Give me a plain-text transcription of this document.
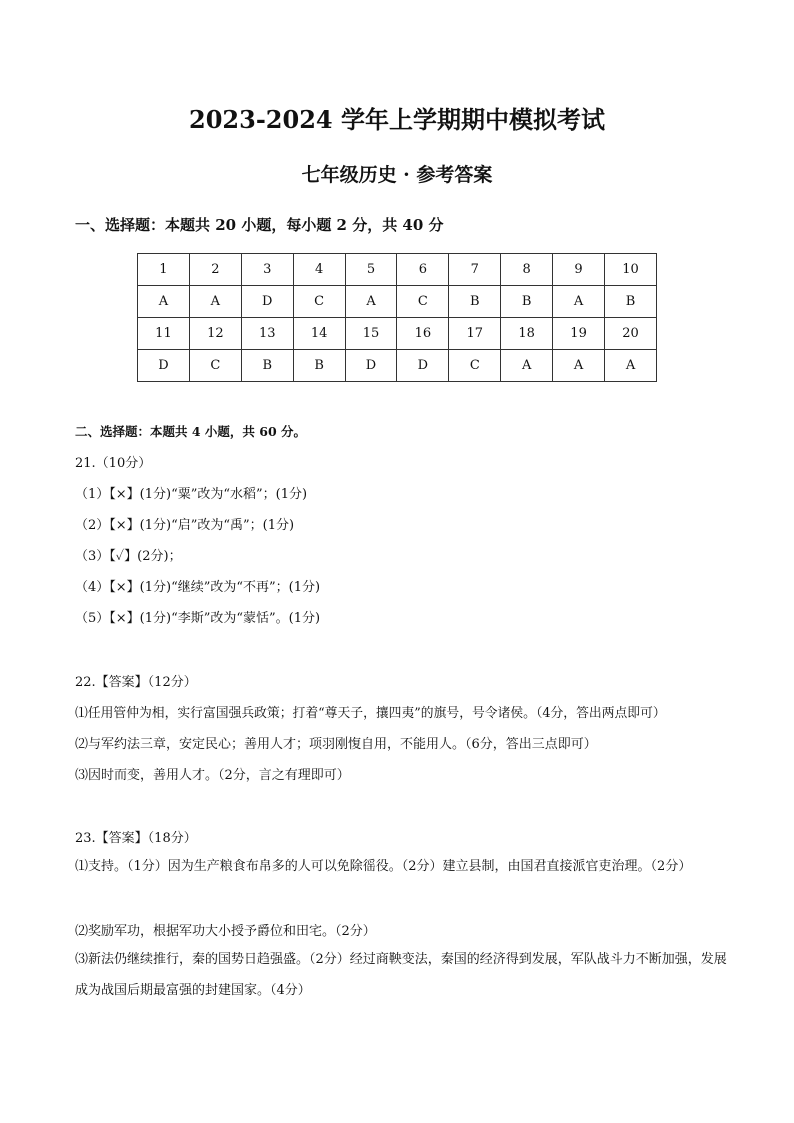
2023-2024 学年上学期期中模拟考试
七年级历史 · 参考答案
一、选择题：本题共 20 小题，每小题 2 分，共 40 分
1	2	3	4	5	6	7	8	9	10
A	A	D	C	A	C	B	B	A	B
11	12	13	14	15	16	17	18	19	20
D	C	B	B	D	D	C	A	A	A
二、选择题：本题共 4 小题，共 60 分。
21.（10分）
（1）【×】(1分)“粟”改为“水稻”；(1分)
（2）【×】(1分)“启”改为“禹”；(1分)
（3）【✓】(2分)；
（4）【×】(1分)“继续”改为“不再”；(1分)
（5）【×】(1分)“李斯”改为“蒙恬”。(1分)
22.【答案】（12分）
⑴任用管仲为相，实行富国强兵政策；打着“尊天子，攘四夷”的旗号，号令诸侯。（4分，答出两点即可）
⑵与军约法三章，安定民心；善用人才；项羽刚愎自用，不能用人。（6分，答出三点即可）
⑶因时而变，善用人才。（2分，言之有理即可）
23.【答案】（18分）
⑴支持。（1分）因为生产粮食布帛多的人可以免除徭役。（2分）建立县制，由国君直接派官吏治理。（2分）
⑵奖励军功，根据军功大小授予爵位和田宅。（2分）
⑶新法仍继续推行，秦的国势日趋强盛。（2分）经过商鞅变法，秦国的经济得到发展，军队战斗力不断加强，发展成为战国后期最富强的封建国家。（4分）
